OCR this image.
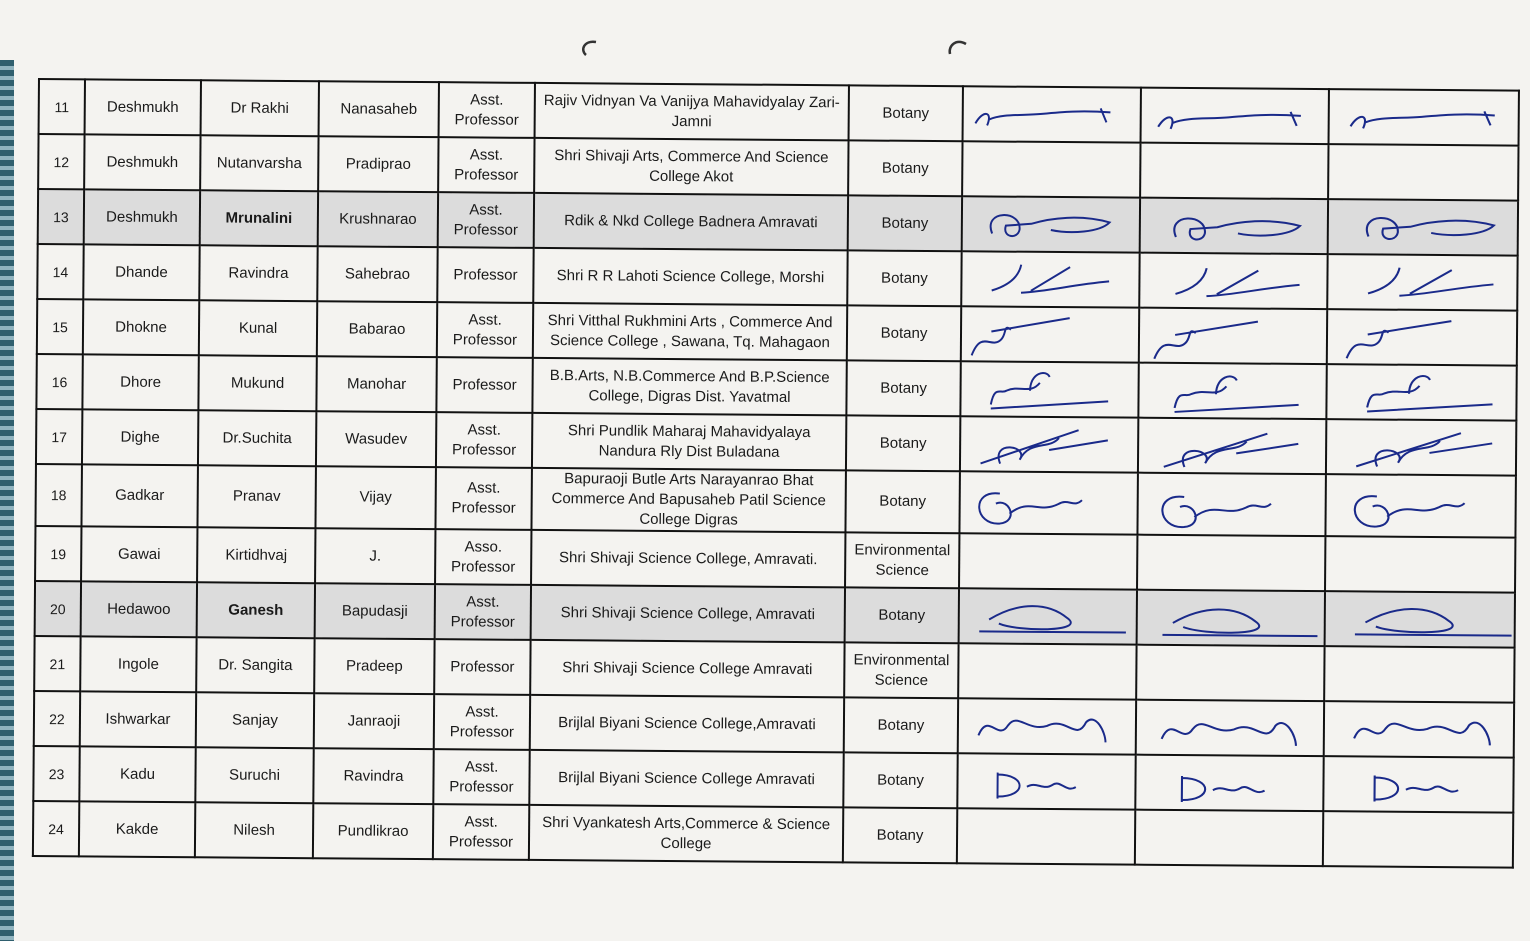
11	Deshmukh	Dr Rakhi	Nanasaheb	Asst. Professor	Rajiv Vidnyan Va Vanijya Mahavidyalay Zari-Jamni	Botany	

12	Deshmukh	Nutanvarsha	Pradiprao	Asst. Professor	Shri Shivaji Arts, Commerce And Science College Akot	Botany			
13	Deshmukh	Mrunalini	Krushnarao	Asst. Professor	Rdik & Nkd College Badnera Amravati	Botany	

14	Dhande	Ravindra	Sahebrao	Professor	Shri R R Lahoti Science College, Morshi	Botany	

15	Dhokne	Kunal	Babarao	Asst. Professor	Shri Vitthal Rukhmini Arts , Commerce And Science College , Sawana, Tq. Mahagaon	Botany	

16	Dhore	Mukund	Manohar	Professor	B.B.Arts, N.B.Commerce And B.P.Science College, Digras Dist. Yavatmal	Botany	

17	Dighe	Dr.Suchita	Wasudev	Asst. Professor	Shri Pundlik Maharaj Mahavidyalaya Nandura Rly Dist Buladana	Botany	

18	Gadkar	Pranav	Vijay	Asst. Professor	Bapuraoji Butle Arts Narayanrao Bhat Commerce And Bapusaheb Patil Science College Digras	Botany	

19	Gawai	Kirtidhvaj	J.	Asso. Professor	Shri Shivaji Science College, Amravati.	Environmental Science			
20	Hedawoo	Ganesh	Bapudasji	Asst. Professor	Shri Shivaji Science College, Amravati	Botany	

21	Ingole	Dr. Sangita	Pradeep	Professor	Shri Shivaji Science College Amravati	Environmental Science			
22	Ishwarkar	Sanjay	Janraoji	Asst. Professor	Brijlal Biyani Science College,Amravati	Botany	

23	Kadu	Suruchi	Ravindra	Asst. Professor	Brijlal Biyani Science College Amravati	Botany	

24	Kakde	Nilesh	Pundlikrao	Asst. Professor	Shri Vyankatesh Arts,Commerce & Science College	Botany			
